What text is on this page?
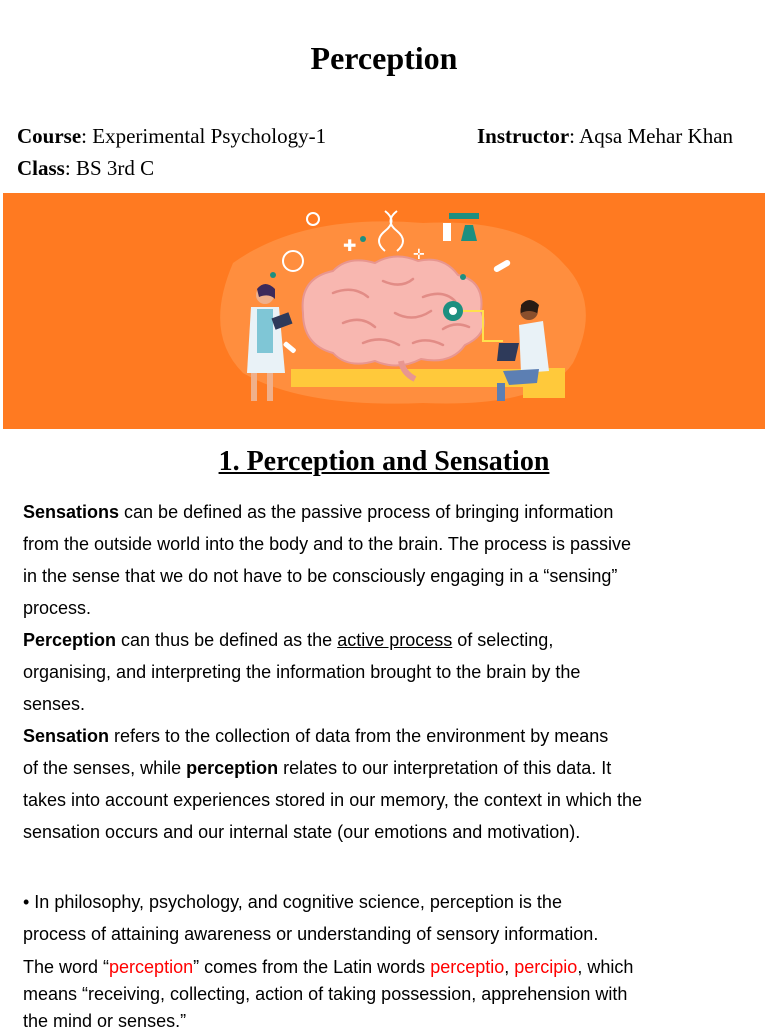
Perception
Course: Experimental Psychology-1	Instructor: Aqsa Mehar Khan
Class: BS 3rd C
✚	✛
1. Perception and Sensation

Sensations can be defined as the passive process of bringing information
from the outside world into the body and to the brain. The process is passive
in the sense that we do not have to be consciously engaging in a “sensing”
process.

Perception can thus be defined as the active process of selecting,
organising, and interpreting the information brought to the brain by the
senses.

Sensation refers to the collection of data from the environment by means
of the senses, while perception relates to our interpretation of this data. It
takes into account experiences stored in our memory, the context in which the
sensation occurs and our internal state (our emotions and motivation).

• In philosophy, psychology, and cognitive science, perception is the
process of attaining awareness or understanding of sensory information.

The word “perception” comes from the Latin words perceptio, percipio, which
means “receiving, collecting, action of taking possession, apprehension with
the mind or senses.”
